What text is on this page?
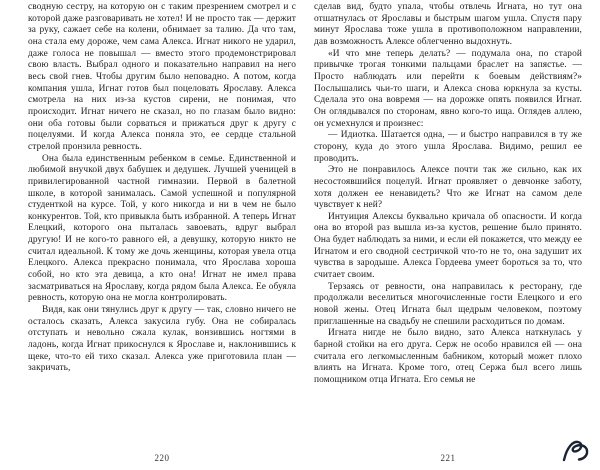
сводную сестру, на которую он с таким презрением смотрел и с которой даже разговаривать не хотел! И не просто так — держит за руку, сажает себе на колени, обнимает за талию. Да что там, она стала ему дороже, чем сама Алекса. Игнат никого не ударил, даже голоса не повышал — вместо этого продемонстрировал свою власть. Выбрал одного и показательно направил на него весь свой гнев. Чтобы другим было неповадно. А потом, когда компания ушла, Игнат готов был поцеловать Ярославу. Алекса смотрела на них из-за кустов сирени, не понимая, что происходит. Игнат ничего не сказал, но по глазам было видно: они оба готовы были сорваться и прижаться друг к другу с поцелуями. И когда Алекса поняла это, ее сердце стальной стрелой пронзила ревность.

Она была единственным ребенком в семье. Единственной и любимой внучкой двух бабушек и дедушек. Лучшей ученицей в привилегированной частной гимназии. Первой в балетной школе, в которой занималась. Самой успешной и популярной студенткой на курсе. Той, у кого никогда и ни в чем не было конкурентов. Той, кто привыкла быть избранной. А теперь Игнат Елецкий, которого она пыталась завоевать, вдруг выбрал другую! И не кого-то равного ей, а девушку, которую никто не считал идеальной. К тому же дочь женщины, которая увела отца Елецкого. Алекса прекрасно понимала, что Ярослава хороша собой, но кто эта девица, а кто она! Игнат не имел права засматриваться на Ярославу, когда рядом была Алекса. Ее обуяла ревность, которую она не могла контролировать.

Видя, как они тянулись друг к другу — так, словно ничего не осталось сказать, Алекса закусила губу. Она не собиралась отступать и невольно сжала кулак, вонзившись ногтями в ладонь, когда Игнат прикоснулся к Ярославе и, наклонившись к щеке, что-то ей тихо сказал. Алекса уже приготовила план — закричать,

220

сделав вид, будто упала, чтобы отвлечь Игната, но тут она отшатнулась от Ярославы и быстрым шагом ушла. Спустя пару минут Ярослава тоже ушла в противоположном направлении, дав возможность Алексе облегченно выдохнуть.

«И что мне теперь делать? — подумала она, по старой привычке трогая тонкими пальцами браслет на запястье. — Просто наблюдать или перейти к боевым действиям?» Послышались чьи-то шаги, и Алекса снова юркнула за кусты. Сделала это она вовремя — на дорожке опять появился Игнат. Он оглядывался по сторонам, явно кого-то ища. Оглядев аллею, он усмехнулся и произнес:

— Идиотка. Шатается одна, — и быстро направился в ту же сторону, куда до этого ушла Ярослава. Видимо, решил ее проводить.

Это не понравилось Алексе почти так же сильно, как их несостоявшийся поцелуй. Игнат проявляет о девчонке заботу, хотя должен ее ненавидеть? Что же Игнат на самом деле чувствует к ней?

Интуиция Алексы буквально кричала об опасности. И когда она во второй раз вышла из-за кустов, решение было принято. Она будет наблюдать за ними, и если ей покажется, что между ее Игнатом и его сводной сестричкой что-то не то, она задушит их чувства в зародыше. Алекса Гордеева умеет бороться за то, что считает своим.

Терзаясь от ревности, она направилась к ресторану, где продолжали веселиться многочисленные гости Елецкого и его новой жены. Отец Игната был щедрым человеком, поэтому приглашенные на свадьбу не спешили расходиться по домам.

Игната нигде не было видно, зато Алекса наткнулась у барной стойки на его друга. Серж не особо нравился ей — она считала его легкомысленным бабником, который может плохо влиять на Игната. Кроме того, отец Сержа был всего лишь помощником отца Игната. Его семья не

221
